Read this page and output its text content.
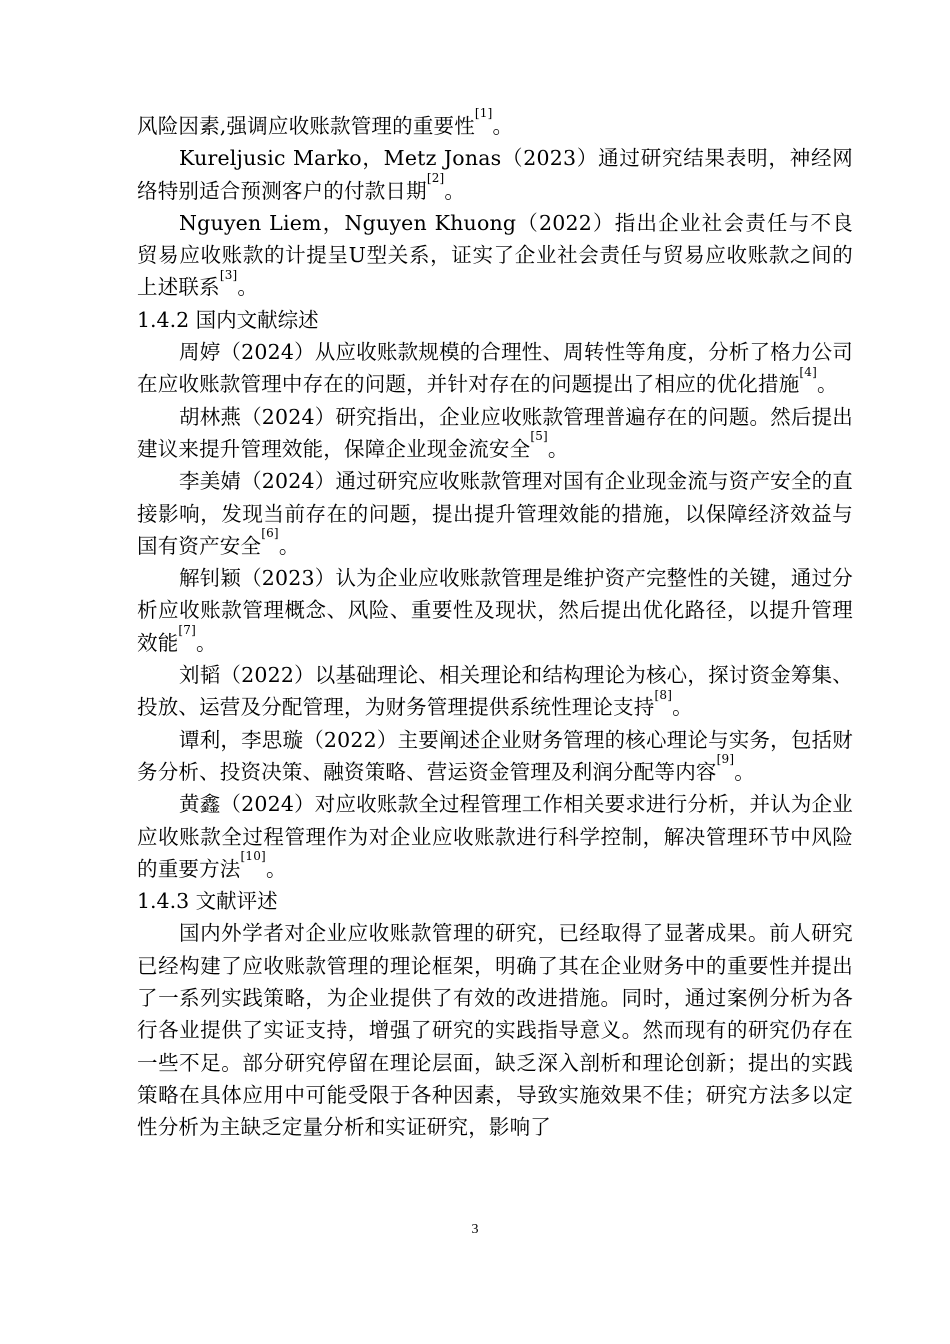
风险因素,强调应收账款管理的重要性[1]。

Kureljusic Marko，Metz Jonas（2023）通过研究结果表明，神经网络特别适合预测客户的付款日期[2]。

Nguyen Liem，Nguyen Khuong（2022）指出企业社会责任与不良贸易应收账款的计提呈U型关系，证实了企业社会责任与贸易应收账款之间的上述联系[3]。

1.4.2 国内文献综述

周婷（2024）从应收账款规模的合理性、周转性等角度，分析了格力公司在应收账款管理中存在的问题，并针对存在的问题提出了相应的优化措施[4]。

胡林燕（2024）研究指出，企业应收账款管理普遍存在的问题。然后提出建议来提升管理效能，保障企业现金流安全[5]。

李美婧（2024）通过研究应收账款管理对国有企业现金流与资产安全的直接影响，发现当前存在的问题，提出提升管理效能的措施，以保障经济效益与国有资产安全[6]。

解钊颖（2023）认为企业应收账款管理是维护资产完整性的关键，通过分析应收账款管理概念、风险、重要性及现状，然后提出优化路径，以提升管理效能[7]。

刘韬（2022）以基础理论、相关理论和结构理论为核心，探讨资金筹集、投放、运营及分配管理，为财务管理提供系统性理论支持[8]。

谭利，李思璇（2022）主要阐述企业财务管理的核心理论与实务，包括财务分析、投资决策、融资策略、营运资金管理及利润分配等内容[9]。

黄鑫（2024）对应收账款全过程管理工作相关要求进行分析，并认为企业应收账款全过程管理作为对企业应收账款进行科学控制，解决管理环节中风险的重要方法[10]。

1.4.3 文献评述

国内外学者对企业应收账款管理的研究，已经取得了显著成果。前人研究已经构建了应收账款管理的理论框架，明确了其在企业财务中的重要性并提出了一系列实践策略，为企业提供了有效的改进措施。同时，通过案例分析为各行各业提供了实证支持，增强了研究的实践指导意义。然而现有的研究仍存在一些不足。部分研究停留在理论层面，缺乏深入剖析和理论创新；提出的实践策略在具体应用中可能受限于各种因素，导致实施效果不佳；研究方法多以定性分析为主缺乏定量分析和实证研究，影响了

3
